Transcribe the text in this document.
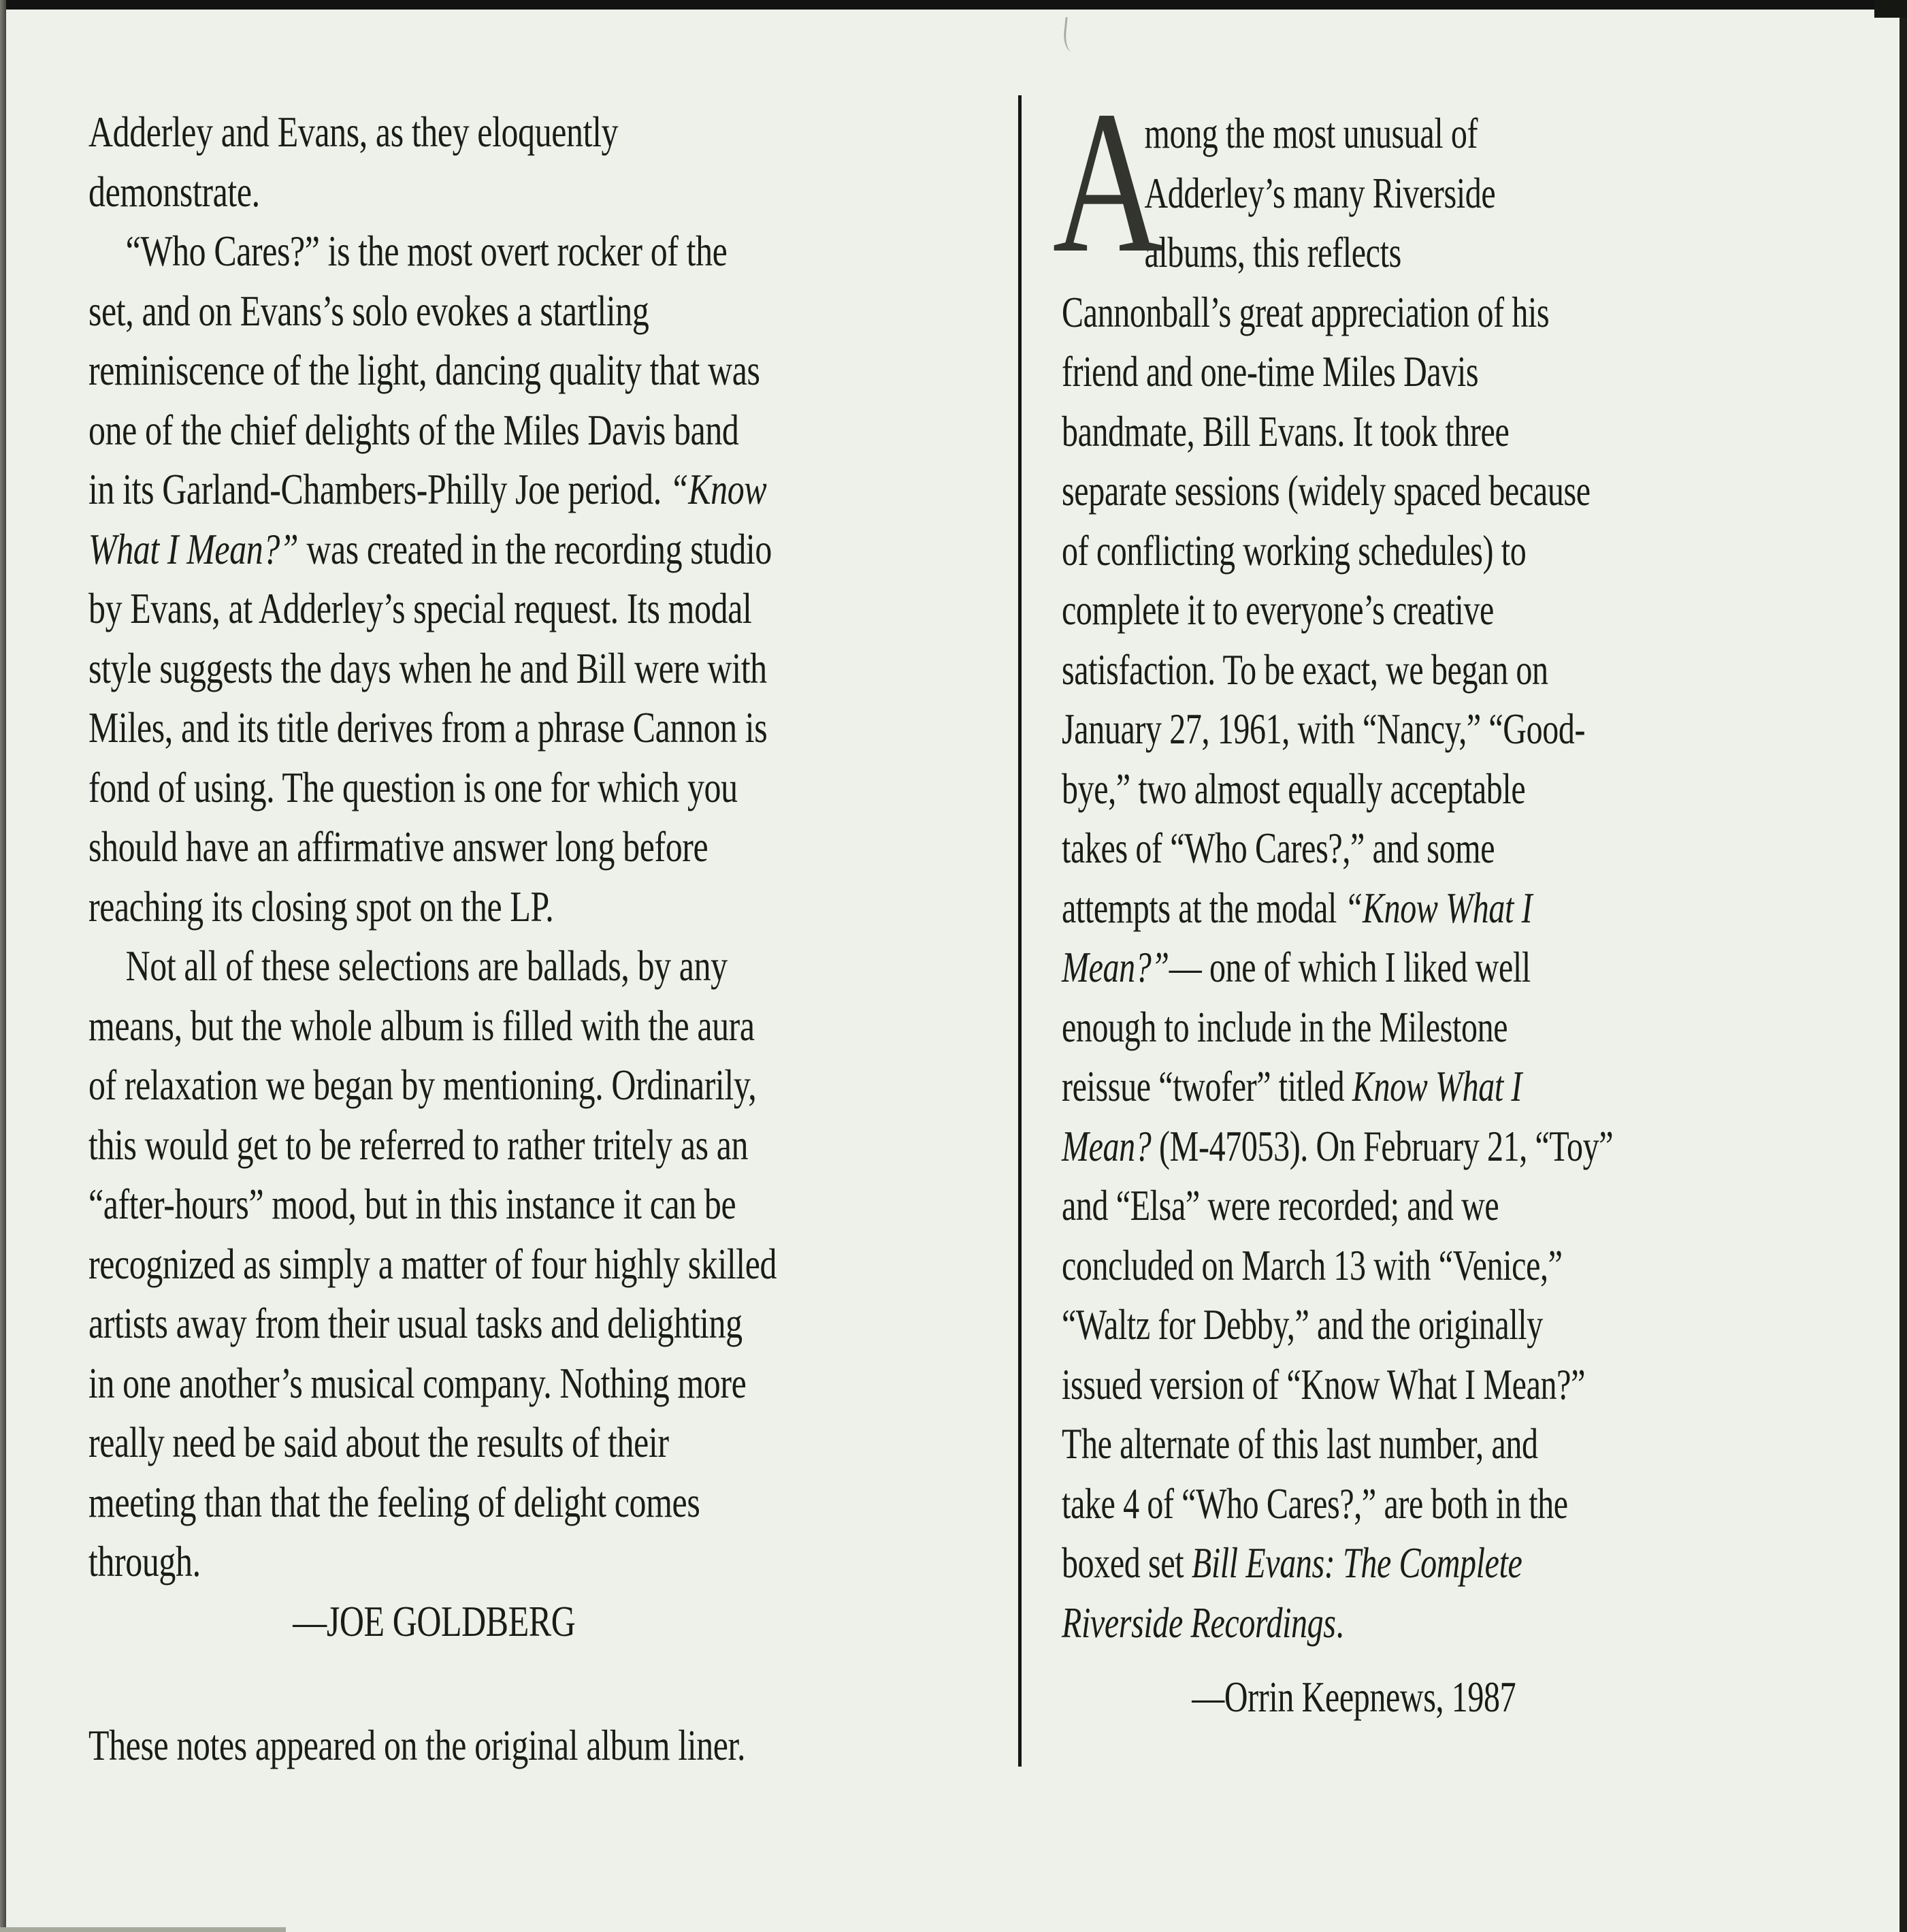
Adderley and Evans, as they eloquently
demonstrate.
“Who Cares?” is the most overt rocker of the
set, and on Evans’s solo evokes a startling
reminiscence of the light, dancing quality that was
one of the chief delights of the Miles Davis band
in its Garland-Chambers-Philly Joe period. “Know
What I Mean?” was created in the recording studio
by Evans, at Adderley’s special request. Its modal
style suggests the days when he and Bill were with
Miles, and its title derives from a phrase Cannon is
fond of using. The question is one for which you
should have an affirmative answer long before
reaching its closing spot on the LP.
Not all of these selections are ballads, by any
means, but the whole album is filled with the aura
of relaxation we began by mentioning. Ordinarily,
this would get to be referred to rather tritely as an
“after-hours” mood, but in this instance it can be
recognized as simply a matter of four highly skilled
artists away from their usual tasks and delighting
in one another’s musical company. Nothing more
really need be said about the results of their
meeting than that the feeling of delight comes
through.
—JOE GOLDBERG
These notes appeared on the original album liner.
A
mong the most unusual of
Adderley’s many Riverside
albums, this reflects
Cannonball’s great appreciation of his
friend and one-time Miles Davis
bandmate, Bill Evans. It took three
separate sessions (widely spaced because
of conflicting working schedules) to
complete it to everyone’s creative
satisfaction. To be exact, we began on
January 27, 1961, with “Nancy,” “Good-
bye,” two almost equally acceptable
takes of “Who Cares?,” and some
attempts at the modal “Know What I
Mean?”— one of which I liked well
enough to include in the Milestone
reissue “twofer” titled Know What I
Mean? (M-47053). On February 21, “Toy”
and “Elsa” were recorded; and we
concluded on March 13 with “Venice,”
“Waltz for Debby,” and the originally
issued version of “Know What I Mean?”
The alternate of this last number, and
take 4 of “Who Cares?,” are both in the
boxed set Bill Evans: The Complete
Riverside Recordings.
—Orrin Keepnews, 1987
